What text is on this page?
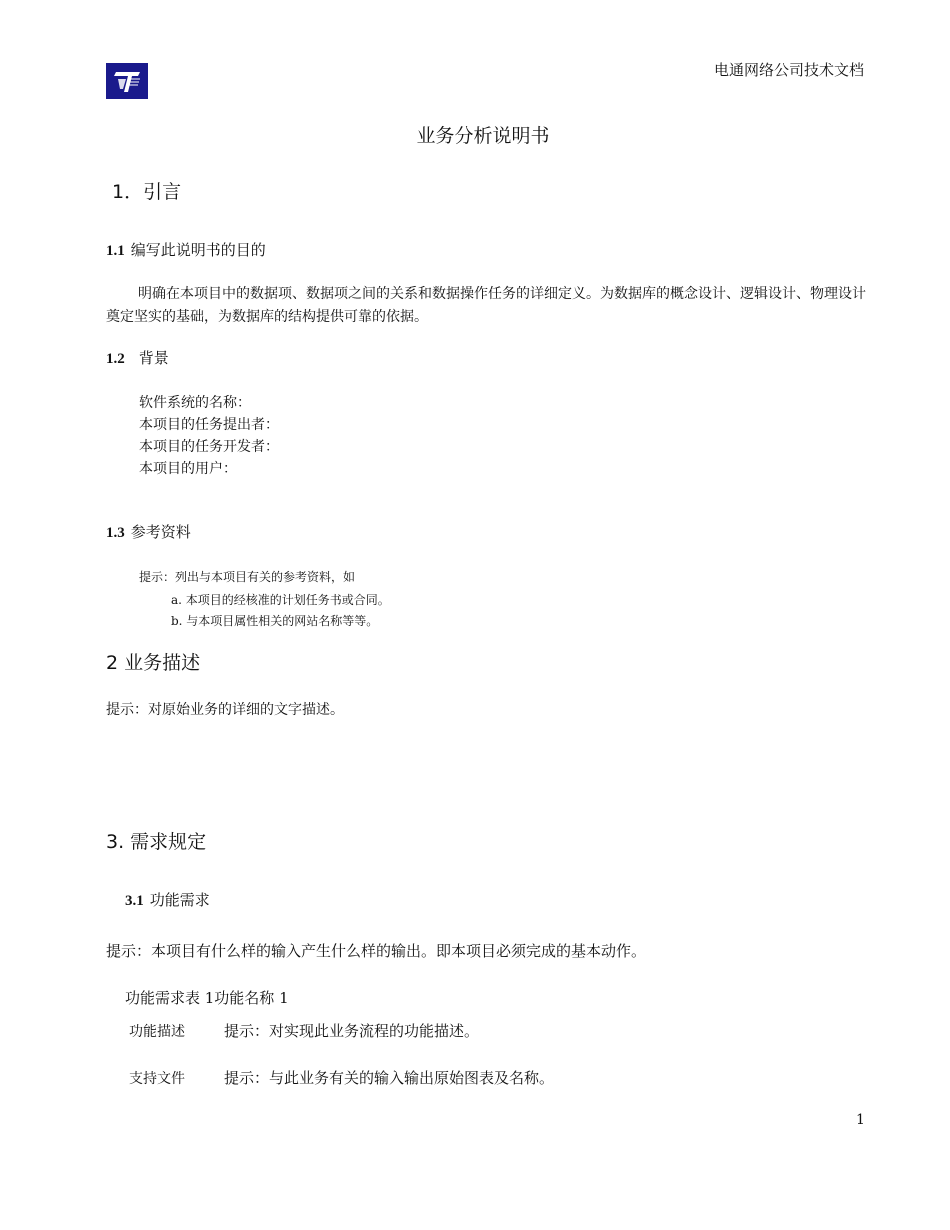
电通网络公司技术文档
业务分析说明书
1．引言
1.1 编写此说明书的目的
明确在本项目中的数据项、数据项之间的关系和数据操作任务的详细定义。为数据库的概念设计、逻辑设计、物理设计奠定坚实的基础，为数据库的结构提供可靠的依据。
1.2 背景
软件系统的名称：
本项目的任务提出者：
本项目的任务开发者：
本项目的用户：
1.3 参考资料
提示：列出与本项目有关的参考资料，如
a. 本项目的经核准的计划任务书或合同。
b. 与本项目属性相关的网站名称等等。
2 业务描述
提示：对原始业务的详细的文字描述。
3. 需求规定
3.1 功能需求
提示：本项目有什么样的输入产生什么样的输出。即本项目必须完成的基本动作。
功能需求表 1功能名称 1
功能描述	提示：对实现此业务流程的功能描述。
支持文件	提示：与此业务有关的输入输出原始图表及名称。
1
